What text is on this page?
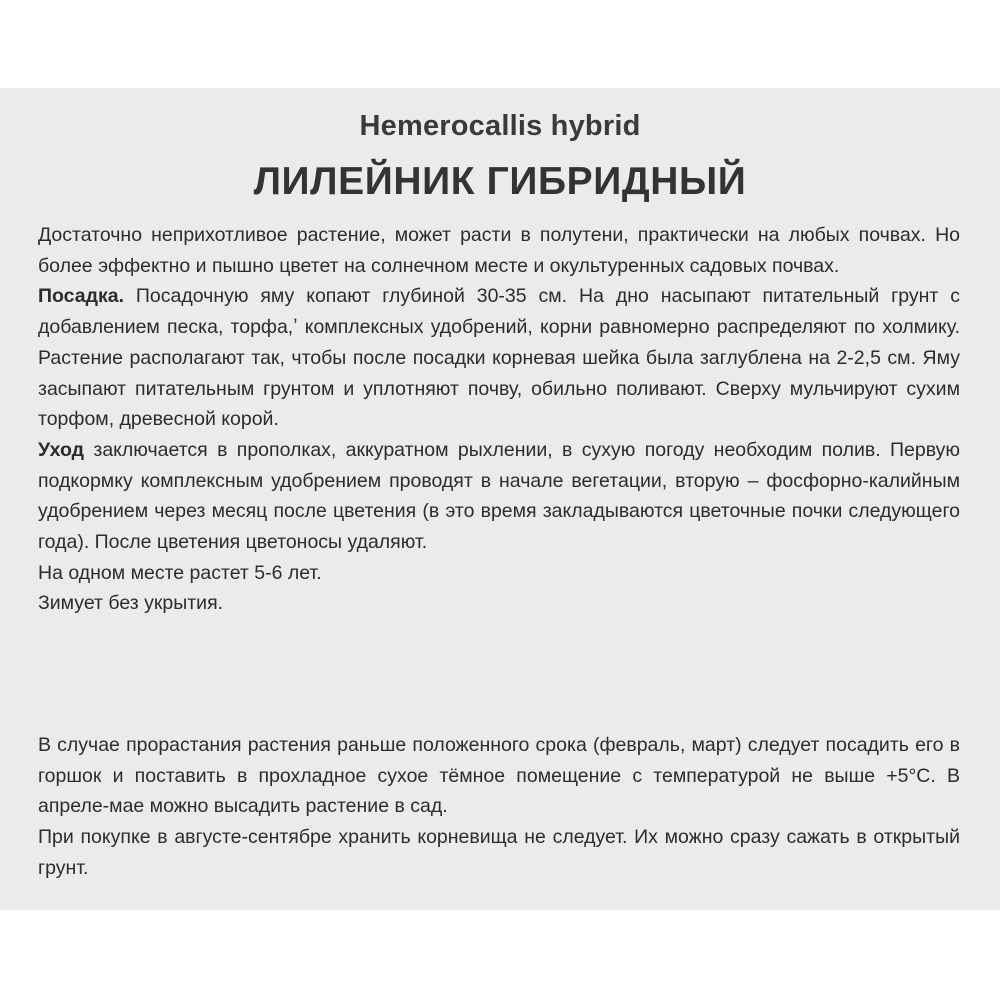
Hemerocallis hybrid
ЛИЛЕЙНИК ГИБРИДНЫЙ

Достаточно неприхотливое растение, может расти в полутени, практически на любых почвах. Но более эффектно и пышно цветет на солнечном месте и окультуренных садовых почвах.

Посадка. Посадочную яму копают глубиной 30-35 см. На дно насыпают питательный грунт с добавлением песка, торфа,ʼ комплексных удобрений, корни равномерно распределяют по холмику. Растение располагают так, чтобы после посадки корневая шейка была заглублена на 2-2,5 см. Яму засыпают питательным грунтом и уплотняют почву, обильно поливают. Сверху мульчируют сухим торфом, древесной корой.

Уход заключается в прополках, аккуратном рыхлении, в сухую погоду необходим полив. Первую подкормку комплексным удобрением проводят в начале вегетации, вторую – фосфорно-калийным удобрением через месяц после цветения (в это время закладываются цветочные почки следующего года). После цветения цветоносы удаляют.

На одном месте растет 5-6 лет.

Зимует без укрытия.

В случае прорастания растения раньше положенного срока (февраль, март) следует посадить его в горшок и поставить в прохладное сухое тёмное помещение с температурой не выше +5°С. В апреле-мае можно высадить растение в сад.

При покупке в августе-сентябре хранить корневища не следует. Их можно сразу сажать в открытый грунт.
